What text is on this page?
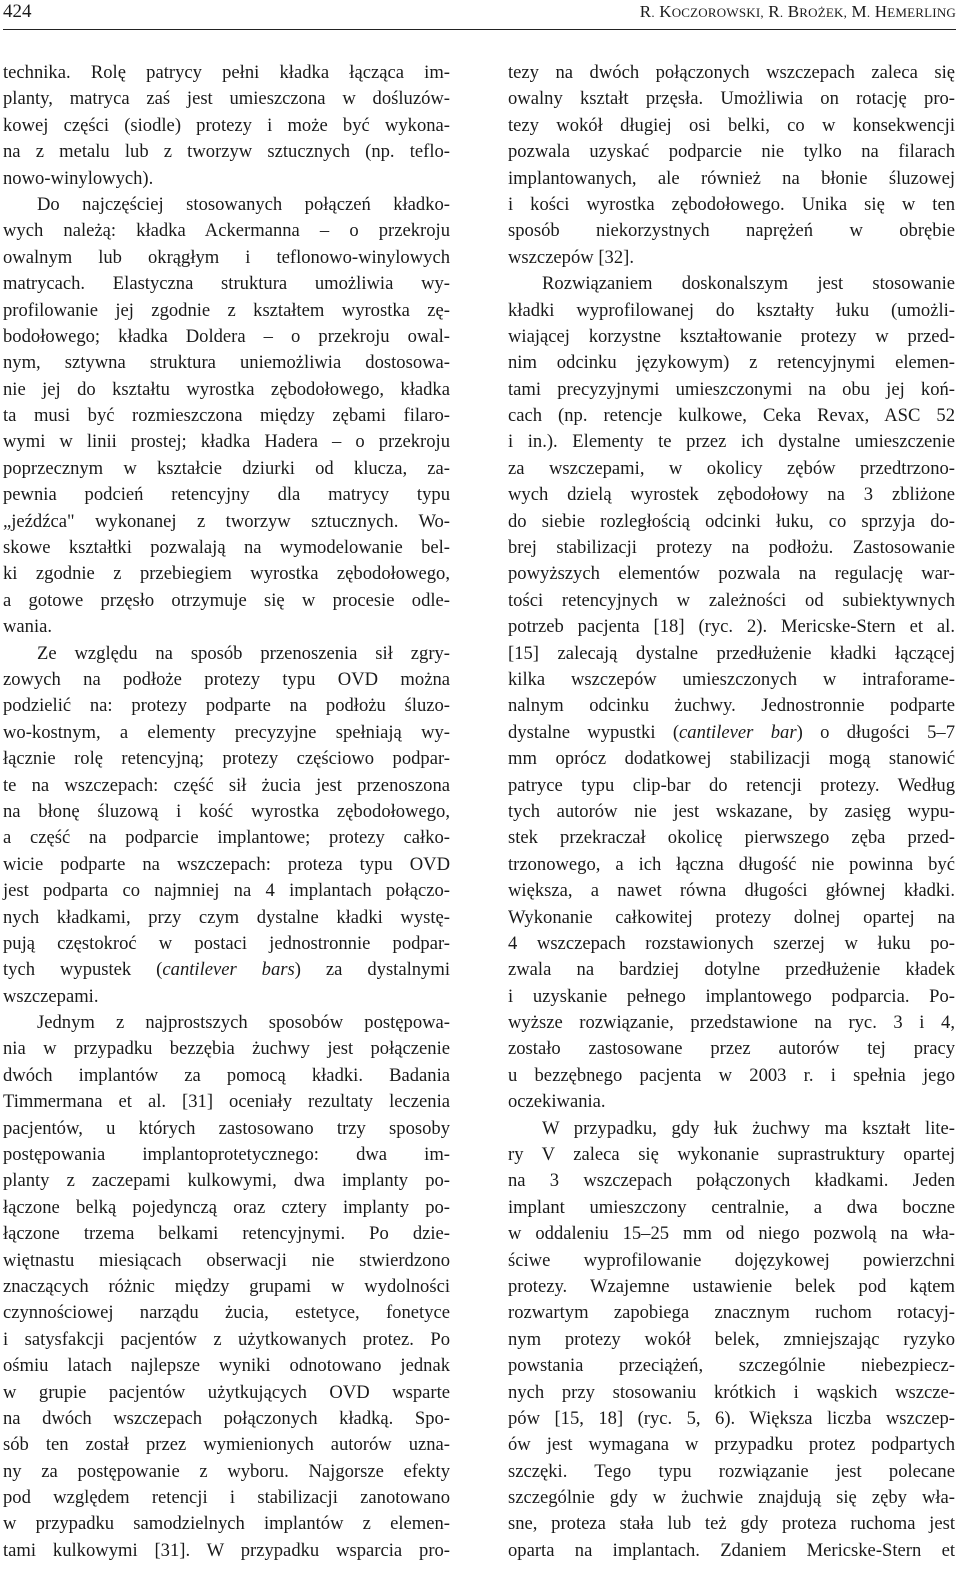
424	R. KOCZOROWSKI, R. BROŻEK, M. HEMERLING
technika. Rolę patrycy pełni kładka łącząca im-
planty, matryca zaś jest umieszczona w dośluzów-
kowej części (siodle) protezy i może być wykona-
na z metalu lub z tworzyw sztucznych (np. teflo-
nowo-winylowych).
Do najczęściej stosowanych połączeń kładko-
wych należą: kładka Ackermanna – o przekroju
owalnym lub okrągłym i teflonowo-winylowych
matrycach. Elastyczna struktura umożliwia wy-
profilowanie jej zgodnie z kształtem wyrostka zę-
bodołowego; kładka Doldera – o przekroju owal-
nym, sztywna struktura uniemożliwia dostosowa-
nie jej do kształtu wyrostka zębodołowego, kładka
ta musi być rozmieszczona między zębami filaro-
wymi w linii prostej; kładka Hadera – o przekroju
poprzecznym w kształcie dziurki od klucza, za-
pewnia podcień retencyjny dla matrycy typu
„jeźdźca" wykonanej z tworzyw sztucznych. Wo-
skowe kształtki pozwalają na wymodelowanie bel-
ki zgodnie z przebiegiem wyrostka zębodołowego,
a gotowe przęsło otrzymuje się w procesie odle-
wania.
Ze względu na sposób przenoszenia sił zgry-
zowych na podłoże protezy typu OVD można
podzielić na: protezy podparte na podłożu śluzo-
wo-kostnym, a elementy precyzyjne spełniają wy-
łącznie rolę retencyjną; protezy częściowo podpar-
te na wszczepach: część sił żucia jest przenoszona
na błonę śluzową i kość wyrostka zębodołowego,
a część na podparcie implantowe; protezy całko-
wicie podparte na wszczepach: proteza typu OVD
jest podparta co najmniej na 4 implantach połączo-
nych kładkami, przy czym dystalne kładki wystę-
pują częstokroć w postaci jednostronnie podpar-
tych wypustek (cantilever bars) za dystalnymi
wszczepami.
Jednym z najprostszych sposobów postępowa-
nia w przypadku bezzębia żuchwy jest połączenie
dwóch implantów za pomocą kładki. Badania
Timmermana et al. [31] oceniały rezultaty leczenia
pacjentów, u których zastosowano trzy sposoby
postępowania implantoprotetycznego: dwa im-
planty z zaczepami kulkowymi, dwa implanty po-
łączone belką pojedynczą oraz cztery implanty po-
łączone trzema belkami retencyjnymi. Po dzie-
więtnastu miesiącach obserwacji nie stwierdzono
znaczących różnic między grupami w wydolności
czynnościowej narządu żucia, estetyce, fonetyce
i satysfakcji pacjentów z użytkowanych protez. Po
ośmiu latach najlepsze wyniki odnotowano jednak
w grupie pacjentów użytkujących OVD wsparte
na dwóch wszczepach połączonych kładką. Spo-
sób ten został przez wymienionych autorów uzna-
ny za postępowanie z wyboru. Najgorsze efekty
pod względem retencji i stabilizacji zanotowano
w przypadku samodzielnych implantów z elemen-
tami kulkowymi [31]. W przypadku wsparcia pro-
tezy na dwóch połączonych wszczepach zaleca się
owalny kształt przęsła. Umożliwia on rotację pro-
tezy wokół długiej osi belki, co w konsekwencji
pozwala uzyskać podparcie nie tylko na filarach
implantowanych, ale również na błonie śluzowej
i kości wyrostka zębodołowego. Unika się w ten
sposób niekorzystnych naprężeń w obrębie
wszczepów [32].
Rozwiązaniem doskonalszym jest stosowanie
kładki wyprofilowanej do kształty łuku (umożli-
wiającej korzystne kształtowanie protezy w przed-
nim odcinku językowym) z retencyjnymi elemen-
tami precyzyjnymi umieszczonymi na obu jej koń-
cach (np. retencje kulkowe, Ceka Revax, ASC 52
i in.). Elementy te przez ich dystalne umieszczenie
za wszczepami, w okolicy zębów przedtrzono-
wych dzielą wyrostek zębodołowy na 3 zbliżone
do siebie rozległością odcinki łuku, co sprzyja do-
brej stabilizacji protezy na podłożu. Zastosowanie
powyższych elementów pozwala na regulację war-
tości retencyjnych w zależności od subiektywnych
potrzeb pacjenta [18] (ryc. 2). Mericske-Stern et al.
[15] zalecają dystalne przedłużenie kładki łączącej
kilka wszczepów umieszczonych w intraforame-
nalnym odcinku żuchwy. Jednostronnie podparte
dystalne wypustki (cantilever bar) o długości 5–7
mm oprócz dodatkowej stabilizacji mogą stanowić
patryce typu clip-bar do retencji protezy. Według
tych autorów nie jest wskazane, by zasięg wypu-
stek przekraczał okolicę pierwszego zęba przed-
trzonowego, a ich łączna długość nie powinna być
większa, a nawet równa długości głównej kładki.
Wykonanie całkowitej protezy dolnej opartej na
4 wszczepach rozstawionych szerzej w łuku po-
zwala na bardziej dotylne przedłużenie kładek
i uzyskanie pełnego implantowego podparcia. Po-
wyższe rozwiązanie, przedstawione na ryc. 3 i 4,
zostało zastosowane przez autorów tej pracy
u bezzębnego pacjenta w 2003 r. i spełnia jego
oczekiwania.
W przypadku, gdy łuk żuchwy ma kształt lite-
ry V zaleca się wykonanie suprastruktury opartej
na 3 wszczepach połączonych kładkami. Jeden
implant umieszczony centralnie, a dwa boczne
w oddaleniu 15–25 mm od niego pozwolą na wła-
ściwe wyprofilowanie dojęzykowej powierzchni
protezy. Wzajemne ustawienie belek pod kątem
rozwartym zapobiega znacznym ruchom rotacyj-
nym protezy wokół belek, zmniejszając ryzyko
powstania przeciążeń, szczególnie niebezpiecz-
nych przy stosowaniu krótkich i wąskich wszcze-
pów [15, 18] (ryc. 5, 6). Większa liczba wszczep-
ów jest wymagana w przypadku protez podpartych
szczęki. Tego typu rozwiązanie jest polecane
szczególnie gdy w żuchwie znajdują się zęby wła-
sne, proteza stała lub też gdy proteza ruchoma jest
oparta na implantach. Zdaniem Mericske-Stern et
